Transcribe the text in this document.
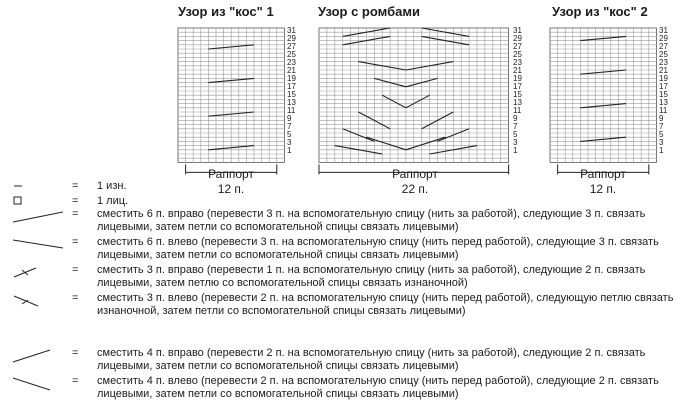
Узор из "кос" 1
31
29
27
25
23
21
19
17
15
13
11
9
7
5
3
1
Раппорт
12 п.
Узор с ромбами
31
29
27
25
23
21
19
17
15
13
11
9
7
5
3
1
Раппорт
22 п.
Узор из "кос" 2
31
29
27
25
23
21
19
17
15
13
11
9
7
5
3
1
Раппорт
12 п.
= 1 изн.
= 1 лиц.
= сместить 6 п. вправо (перевести 3 п. на вспомогательную спицу (нить за работой), следующие 3 п. связать лицевыми, затем петли со вспомогательной спицы связать лицевыми)
= сместить 6 п. влево (перевести 3 п. на вспомогательную спицу (нить перед работой), следующие 3 п. связать лицевыми, затем петли со вспомогательной спицы связать лицевыми)
= сместить 3 п. вправо (перевести 1 п. на вспомогательную спицу (нить за работой), следующие 2 п. связать лицевыми, затем петлю со вспомогательной спицы связать изнаночной)
= сместить 3 п. влево (перевести 2 п. на вспомогательную спицу (нить перед работой), следующую петлю связать изнаночной, затем петли со вспомогательной спицы связать лицевыми)
= сместить 4 п. вправо (перевести 2 п. на вспомогательную спицу (нить за работой), следующие 2 п. связать лицевыми, затем петли со вспомогательной спицы связать лицевыми)
= сместить 4 п. влево (перевести 2 п. на вспомогательную спицу (нить перед работой), следующие 2 п. связать лицевыми, затем петли со вспомогательной спицы связать лицевыми)
